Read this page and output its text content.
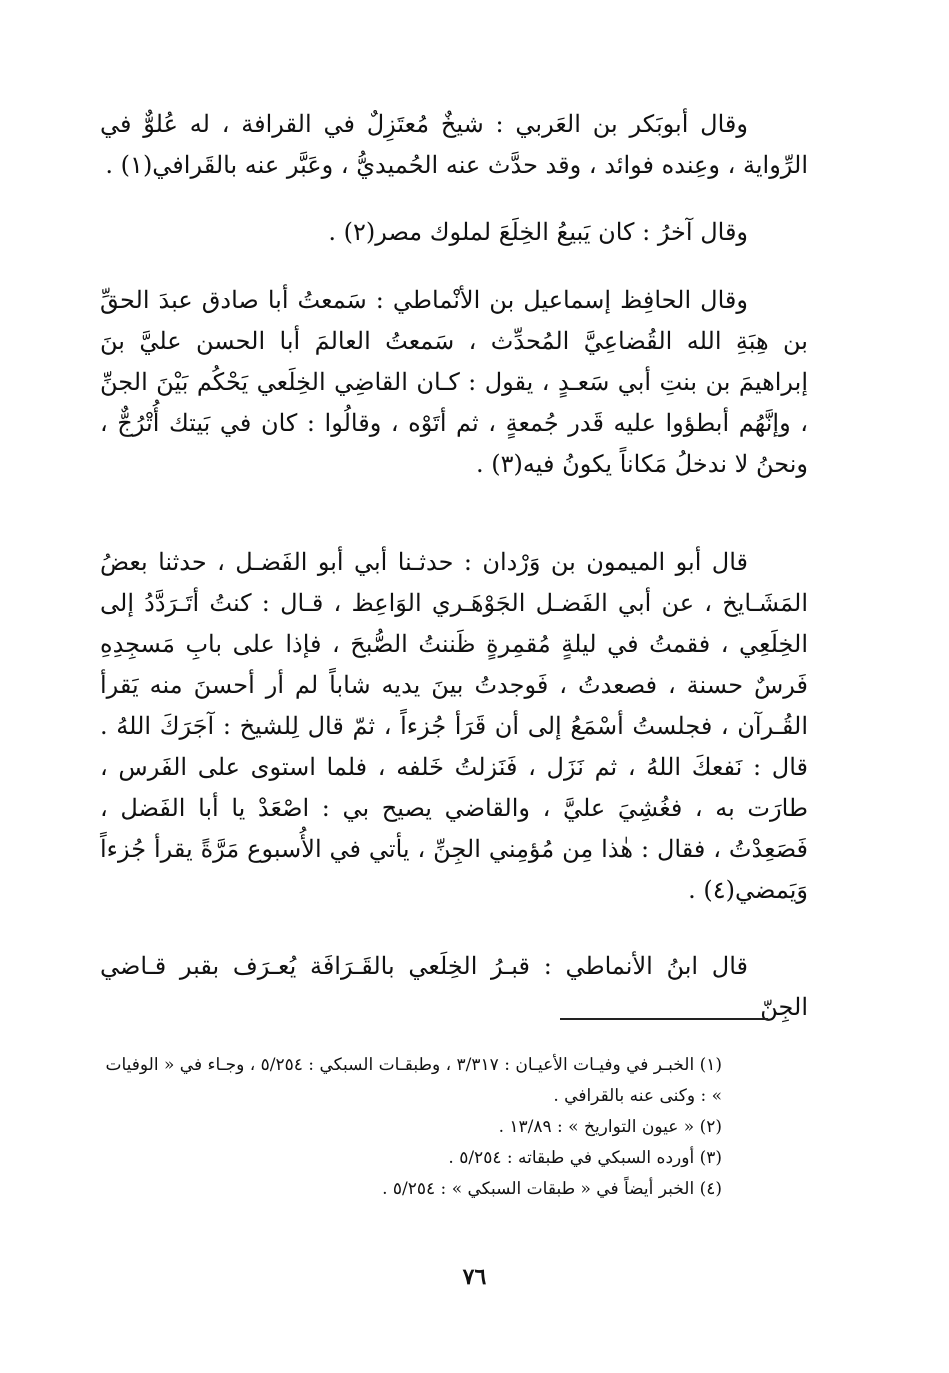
وقال أبوبَكر بن العَربي : شيخٌ مُعتَزِلٌ في القرافة ، له عُلوٌّ في الرِّواية ، وعِنده فوائد ، وقد حدَّث عنه الحُميديُّ ، وعَبَّر عنه بالقَرافي(١) .

وقال آخرُ : كان يَبيعُ الخِلَعَ لملوك مصر(٢) .

وقال الحافِظ إسماعيل بن الأنْماطي : سَمعتُ أبا صادق عبدَ الحقِّ بن هِبَةِ الله القُضاعِيَّ المُحدِّث ، سَمعتُ العالمَ أبا الحسن عليَّ بنَ إبراهيمَ بن بنتِ أبي سَعـدٍ ، يقول : كـان القاضِي الخِلَعي يَحْكُم بَيْنَ الجنِّ ، وإنَّهُم أبطؤوا عليه قَدر جُمعةٍ ، ثم أتَوْه ، وقالُوا : كان في بَيتك أُتْرُجٌّ ، ونحنُ لا ندخلُ مَكاناً يكونُ فيه(٣) .

قال أبو الميمون بن وَرْدان : حدثـنا أبي أبو الفَضـل ، حدثنا بعضُ المَشَـايخ ، عن أبي الفَضـل الجَوْهَـري الوَاعِظ ، قـال : كنتُ أتَـرَدَّدُ إلى الخِلَعِي ، فقمتُ في ليلةٍ مُقمِرةٍ ظَننتُ الصُّبحَ ، فإذا على بابِ مَسجِدِهِ فَرسٌ حسنة ، فصعدتُ ، فَوجدتُ بينَ يديه شاباً لم أر أحسنَ منه يَقرأ القُـرآن ، فجلستُ أسْمَعُ إلى أن قَرَأ جُزءاً ، ثمّ قال لِلشيخ : آجَرَكَ اللهُ . قال : نَفعكَ اللهُ ، ثم نَزَل ، فَنَزلتُ خَلفه ، فلما استوى على الفَرس ، طارَت به ، فغُشِيَ عليَّ ، والقاضي يصيح بي : اصْعَدْ يا أبا الفَضل ، فَصَعِدْتُ ، فقال : هٰذا مِن مُؤمِني الجِنِّ ، يأتي في الأُسبوع مَرَّةً يقرأ جُزءاً وَيَمضي(٤) .

قال ابنُ الأنماطي : قبـرُ الخِلَعي بالقَـرَافَة يُعـرَف بقبر قـاضي الجِنّ

(١) الخبـر في وفيـات الأعيـان : ٣/٣١٧ ، وطبقـات السبكي : ٥/٢٥٤ ، وجـاء في « الوفيات » : وكنى عنه بالقرافي .

(٢) « عيون التواريخ » : ١٣/٨٩ .

(٣) أورده السبكي في طبقاته : ٥/٢٥٤ .

(٤) الخبر أيضاً في « طبقات السبكي » : ٥/٢٥٤ .

٧٦
